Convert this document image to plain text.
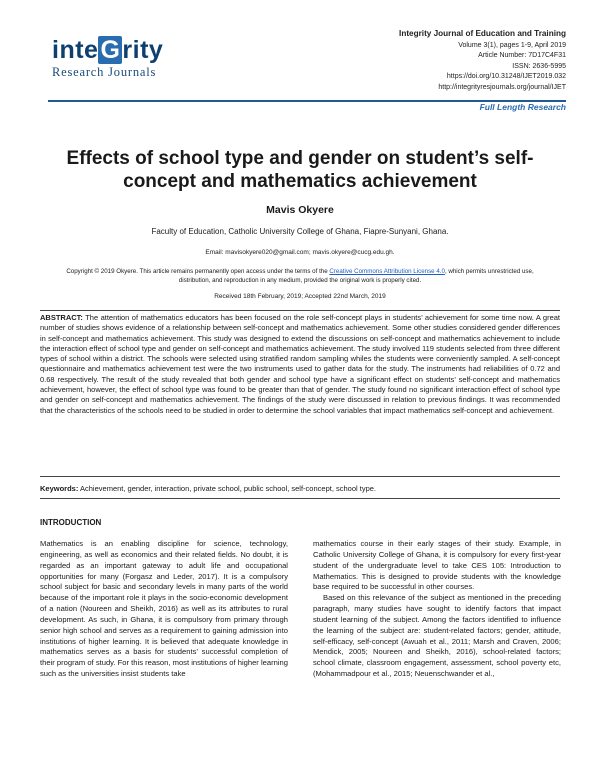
inteGrity
Research Journals
Integrity Journal of Education and Training
Volume 3(1), pages 1-9, April 2019
Article Number: 7D17C4F31
ISSN: 2636-5995
https://doi.org/10.31248/IJET2019.032
http://integrityresjournals.org/journal/IJET
Full Length Research
Effects of school type and gender on student’s self-concept and mathematics achievement
Mavis Okyere
Faculty of Education, Catholic University College of Ghana, Fiapre-Sunyani, Ghana.
Email: mavisokyere020@gmail.com; mavis.okyere@cucg.edu.gh.
Copyright © 2019 Okyere. This article remains permanently open access under the terms of the Creative Commons Attribution License 4.0, which permits unrestricted use, distribution, and reproduction in any medium, provided the original work is properly cited.
Received 18th February, 2019; Accepted 22nd March, 2019
ABSTRACT: The attention of mathematics educators has been focused on the role self-concept plays in students’ achievement for some time now. A great number of studies shows evidence of a relationship between self-concept and mathematics achievement. Some other studies considered gender differences in self-concept and mathematics achievement. This study was designed to extend the discussions on self-concept and mathematics achievement to include the interaction effect of school type and gender on self-concept and mathematics achievement. The study involved 119 students selected from three different types of school within a district. The schools were selected using stratified random sampling whiles the students were conveniently sampled. A self-concept questionnaire and mathematics achievement test were the two instruments used to gather data for the study. The instruments had reliabilities of 0.72 and 0.68 respectively. The result of the study revealed that both gender and school type have a significant effect on students’ self-concept and mathematics achievement, however, the effect of school type was found to be greater than that of gender. The study found no significant interaction effect of school type and gender on self-concept and mathematics achievement. The findings of the study were discussed in relation to previous findings. It was recommended that the characteristics of the schools need to be studied in order to determine the school variables that impact mathematics self-concept and achievement.
Keywords: Achievement, gender, interaction, private school, public school, self-concept, school type.
INTRODUCTION

Mathematics is an enabling discipline for science, technology, engineering, as well as economics and their related fields. No doubt, it is regarded as an important gateway to adult life and occupational opportunities for many (Forgasz and Leder, 2017). It is a compulsory school subject for basic and secondary levels in many parts of the world because of the important role it plays in the socio-economic development of a nation (Noureen and Sheikh, 2016) as well as its attributes to rural development. As such, in Ghana, it is compulsory from primary through senior high school and serves as a requirement to gaining admission into institutions of higher learning. It is believed that adequate knowledge in mathematics serves as a basis for students’ successful completion of their program of study. For this reason, most institutions of higher learning such as the universities insist students take

mathematics course in their early stages of their study. Example, in Catholic University College of Ghana, it is compulsory for every first-year student of the undergraduate level to take CES 105: Introduction to Mathematics. This is designed to provide students with the knowledge base required to be successful in other courses.

Based on this relevance of the subject as mentioned in the preceding paragraph, many studies have sought to identify factors that impact student learning of the subject. Among the factors identified to influence the learning of the subject are: student-related factors; gender, attitude, self-efficacy, self-concept (Awuah et al., 2011; Marsh and Craven, 2006; Mendick, 2005; Noureen and Sheikh, 2016), school-related factors; school climate, classroom engagement, assessment, school poverty etc, (Mohammadpour et al., 2015; Neuenschwander et al.,
